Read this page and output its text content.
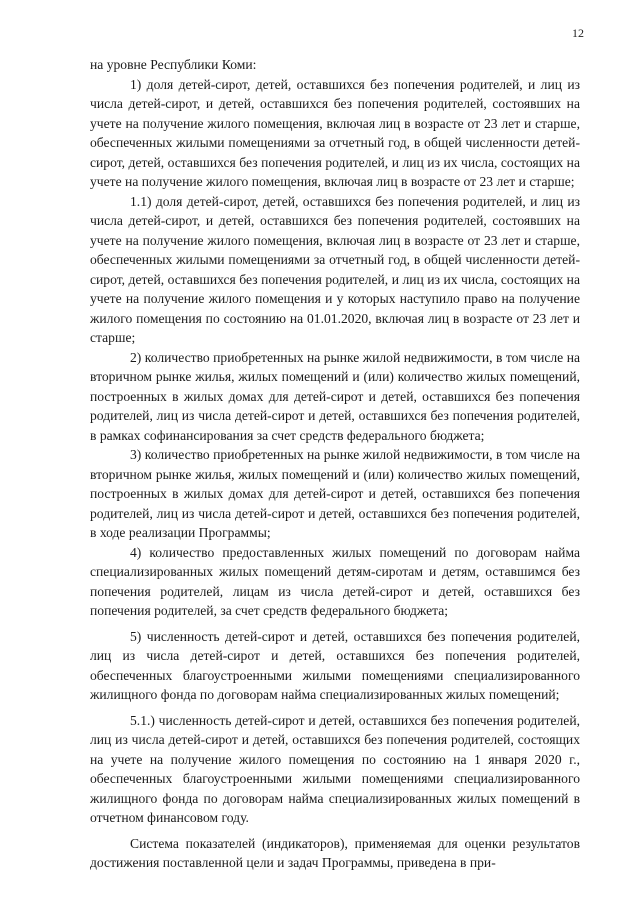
12

на уровне Республики Коми:

1) доля детей-сирот, детей, оставшихся без попечения родителей, и лиц из числа детей-сирот, и детей, оставшихся без попечения родителей, состоявших на учете на получение жилого помещения, включая лиц в возрасте от 23 лет и старше, обеспеченных жилыми помещениями за отчетный год, в общей численности детей-сирот, детей, оставшихся без попечения родителей, и лиц из их числа, состоящих на учете на получение жилого помещения, включая лиц в возрасте от 23 лет и старше;

1.1) доля детей-сирот, детей, оставшихся без попечения родителей, и лиц из числа детей-сирот, и детей, оставшихся без попечения родителей, состоявших на учете на получение жилого помещения, включая лиц в возрасте от 23 лет и старше, обеспеченных жилыми помещениями за отчетный год, в общей численности детей-сирот, детей, оставшихся без попечения родителей, и лиц из их числа, состоящих на учете на получение жилого помещения и у которых наступило право на получение жилого помещения по состоянию на 01.01.2020, включая лиц в возрасте от 23 лет и старше;

2) количество приобретенных на рынке жилой недвижимости, в том числе на вторичном рынке жилья, жилых помещений и (или) количество жилых помещений, построенных в жилых домах для детей-сирот и детей, оставшихся без попечения родителей, лиц из числа детей-сирот и детей, оставшихся без попечения родителей, в рамках софинансирования за счет средств федерального бюджета;

3) количество приобретенных на рынке жилой недвижимости, в том числе на вторичном рынке жилья, жилых помещений и (или) количество жилых помещений, построенных в жилых домах для детей-сирот и детей, оставшихся без попечения родителей, лиц из числа детей-сирот и детей, оставшихся без попечения родителей, в ходе реализации Программы;

4) количество предоставленных жилых помещений по договорам найма специализированных жилых помещений детям-сиротам и детям, оставшимся без попечения родителей, лицам из числа детей-сирот и детей, оставшихся без попечения родителей, за счет средств федерального бюджета;

5) численность детей-сирот и детей, оставшихся без попечения родителей, лиц из числа детей-сирот и детей, оставшихся без попечения родителей, обеспеченных благоустроенными жилыми помещениями специализированного жилищного фонда по договорам найма специализированных жилых помещений;

5.1.) численность детей-сирот и детей, оставшихся без попечения родителей, лиц из числа детей-сирот и детей, оставшихся без попечения родителей, состоящих на учете на получение жилого помещения по состоянию на 1 января 2020 г., обеспеченных благоустроенными жилыми помещениями специализированного жилищного фонда по договорам найма специализированных жилых помещений в отчетном финансовом году.

Система показателей (индикаторов), применяемая для оценки результатов достижения поставленной цели и задач Программы, приведена в при-
